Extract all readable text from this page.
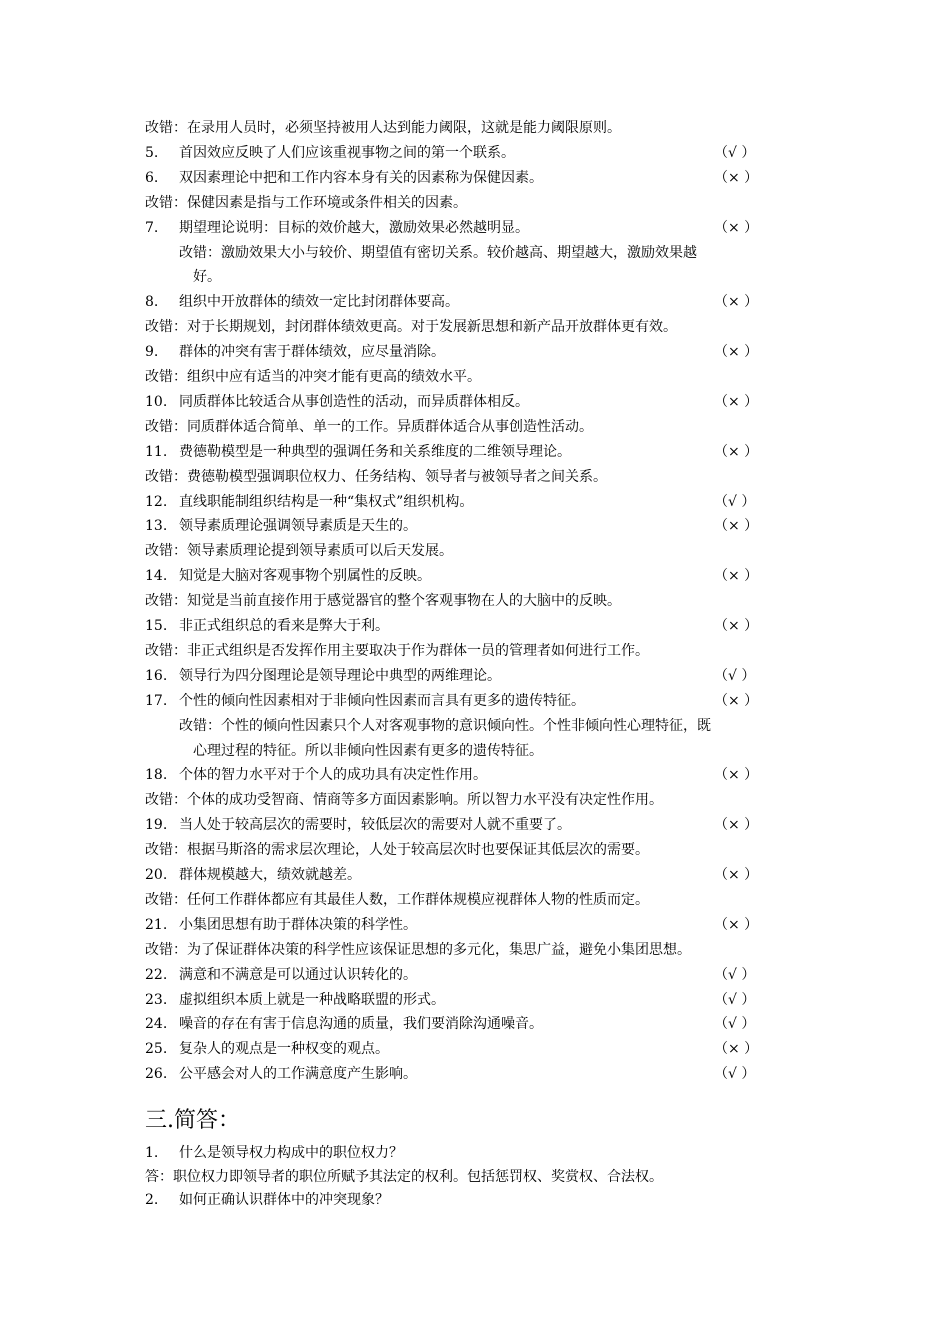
改错：在录用人员时，必须坚持被用人达到能力阈限，这就是能力阈限原则。
5. 首因效应反映了人们应该重视事物之间的第一个联系。	（√ ）
6. 双因素理论中把和工作内容本身有关的因素称为保健因素。	（× ）
改错：保健因素是指与工作环境或条件相关的因素。
7. 期望理论说明：目标的效价越大，激励效果必然越明显。	（× ）
改错：激励效果大小与较价、期望值有密切关系。较价越高、期望越大，激励效果越
好。
8. 组织中开放群体的绩效一定比封闭群体要高。	（× ）
改错：对于长期规划，封闭群体绩效更高。对于发展新思想和新产品开放群体更有效。
9. 群体的冲突有害于群体绩效，应尽量消除。	（× ）
改错：组织中应有适当的冲突才能有更高的绩效水平。
10. 同质群体比较适合从事创造性的活动，而异质群体相反。	（× ）
改错：同质群体适合简单、单一的工作。异质群体适合从事创造性活动。
11. 费德勒模型是一种典型的强调任务和关系维度的二维领导理论。	（× ）
改错：费德勒模型强调职位权力、任务结构、领导者与被领导者之间关系。
12. 直线职能制组织结构是一种“集权式”组织机构。	（√ ）
13. 领导素质理论强调领导素质是天生的。	（× ）
改错：领导素质理论提到领导素质可以后天发展。
14. 知觉是大脑对客观事物个别属性的反映。	（× ）
改错：知觉是当前直接作用于感觉器官的整个客观事物在人的大脑中的反映。
15. 非正式组织总的看来是弊大于利。	（× ）
改错：非正式组织是否发挥作用主要取决于作为群体一员的管理者如何进行工作。
16. 领导行为四分图理论是领导理论中典型的两维理论。	（√ ）
17. 个性的倾向性因素相对于非倾向性因素而言具有更多的遗传特征。	（× ）
改错：个性的倾向性因素只个人对客观事物的意识倾向性。个性非倾向性心理特征，既
心理过程的特征。所以非倾向性因素有更多的遗传特征。
18. 个体的智力水平对于个人的成功具有决定性作用。	（× ）
改错：个体的成功受智商、情商等多方面因素影响。所以智力水平没有决定性作用。
19. 当人处于较高层次的需要时，较低层次的需要对人就不重要了。	（× ）
改错：根据马斯洛的需求层次理论，人处于较高层次时也要保证其低层次的需要。
20. 群体规模越大，绩效就越差。	（× ）
改错：任何工作群体都应有其最佳人数，工作群体规模应视群体人物的性质而定。
21. 小集团思想有助于群体决策的科学性。	（× ）
改错：为了保证群体决策的科学性应该保证思想的多元化，集思广益，避免小集团思想。
22. 满意和不满意是可以通过认识转化的。	（√ ）
23. 虚拟组织本质上就是一种战略联盟的形式。	（√ ）
24. 噪音的存在有害于信息沟通的质量，我们要消除沟通噪音。	（√ ）
25. 复杂人的观点是一种权变的观点。	（× ）
26. 公平感会对人的工作满意度产生影响。	（√ ）
三.简答：
1. 什么是领导权力构成中的职位权力？
答：职位权力即领导者的职位所赋予其法定的权利。包括惩罚权、奖赏权、合法权。
2. 如何正确认识群体中的冲突现象？
